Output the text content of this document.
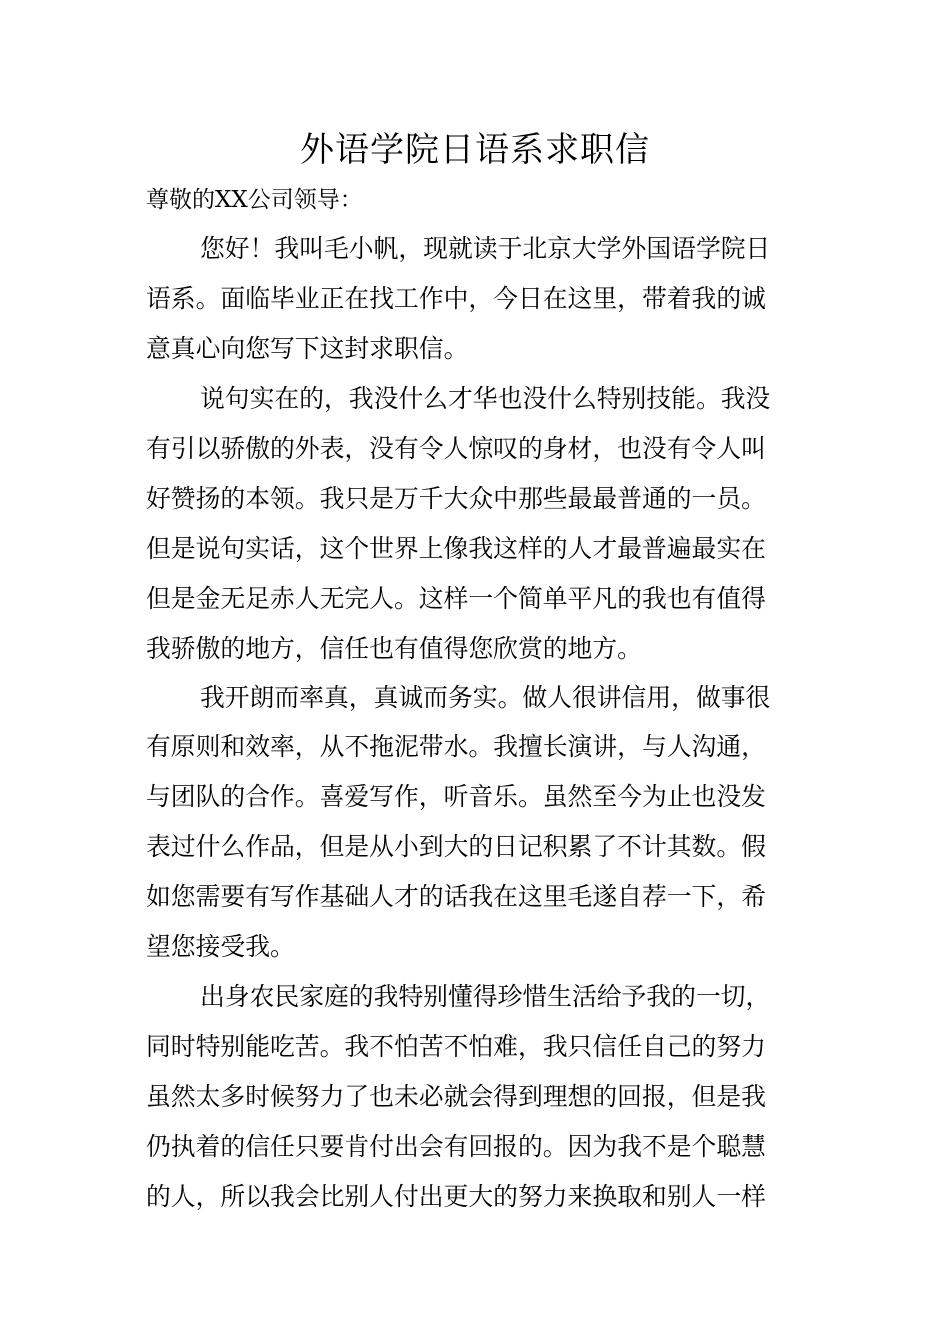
外语学院日语系求职信
尊敬的XX公司领导：
您好！我叫毛小帆，现就读于北京大学外国语学院日
语系。面临毕业正在找工作中，今日在这里，带着我的诚
意真心向您写下这封求职信。
说句实在的，我没什么才华也没什么特别技能。我没
有引以骄傲的外表，没有令人惊叹的身材，也没有令人叫
好赞扬的本领。我只是万千大众中那些最最普通的一员。
但是说句实话，这个世界上像我这样的人才最普遍最实在
但是金无足赤人无完人。这样一个简单平凡的我也有值得
我骄傲的地方，信任也有值得您欣赏的地方。
我开朗而率真，真诚而务实。做人很讲信用，做事很
有原则和效率，从不拖泥带水。我擅长演讲，与人沟通，
与团队的合作。喜爱写作，听音乐。虽然至今为止也没发
表过什么作品，但是从小到大的日记积累了不计其数。假
如您需要有写作基础人才的话我在这里毛遂自荐一下，希
望您接受我。
出身农民家庭的我特别懂得珍惜生活给予我的一切，
同时特别能吃苦。我不怕苦不怕难，我只信任自己的努力
虽然太多时候努力了也未必就会得到理想的回报，但是我
仍执着的信任只要肯付出会有回报的。因为我不是个聪慧
的人，所以我会比别人付出更大的努力来换取和别人一样
